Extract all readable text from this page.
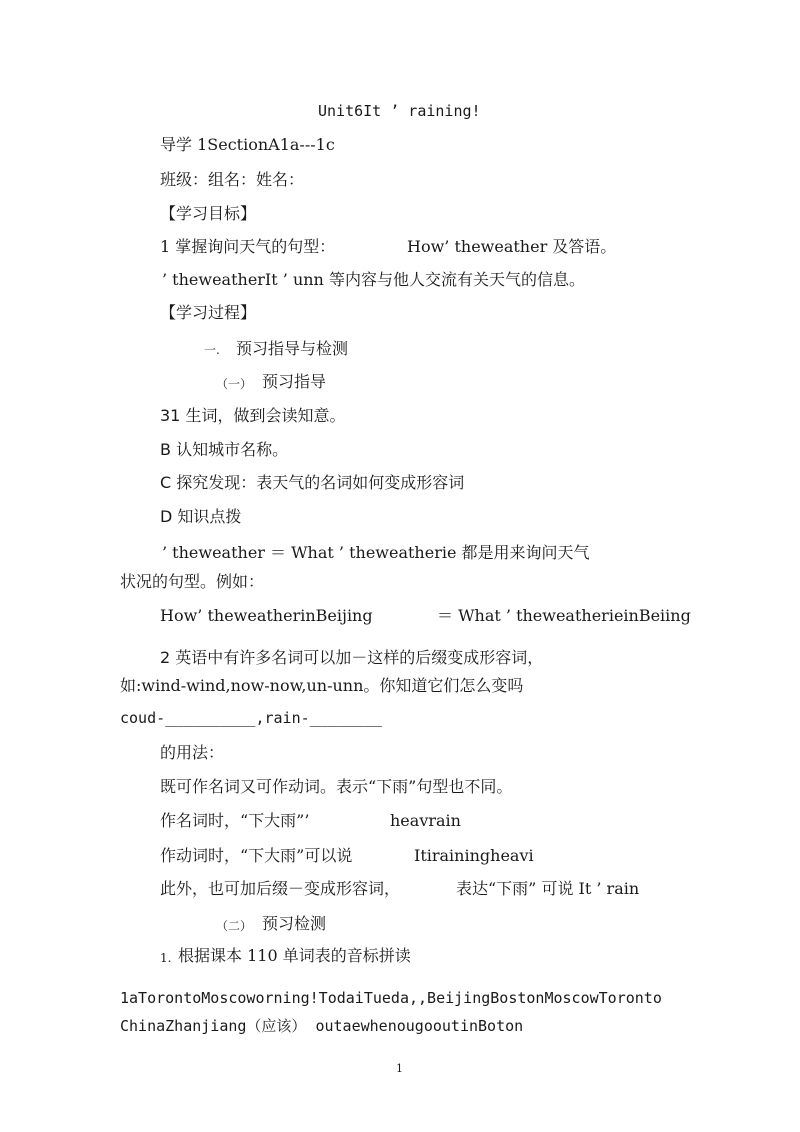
Unit6It ’ raining!
导学 1SectionA1a---1c
班级：组名：姓名：
【学习目标】
1 掌握询问天气的句型：	How’ theweather 及答语。
’ theweatherIt ’ unn 等内容与他人交流有关天气的信息。
【学习过程】
一. 预习指导与检测
（一） 预习指导
31 生词，做到会读知意。
B 认知城市名称。
C 探究发现：表天气的名词如何变成形容词
D 知识点拨
’ theweather ＝ What ’ theweatherie 都是用来询问天气
状况的句型。例如：
How’ theweatherinBeijing	＝ What ’ theweatherieinBeiing
2 英语中有许多名词可以加－这样的后缀变成形容词，
如:wind-wind,now-now,un-unn。你知道它们怎么变吗
coud-__________,rain-________
的用法：
既可作名词又可作动词。表示“下雨”句型也不同。
作名词时，“下大雨”’	heavrain
作动词时，“下大雨”可以说	Itirainingheavi
此外，也可加后缀－变成形容词，	表达“下雨” 可说 It ’ rain
（二） 预习检测
1. 根据课本 110 单词表的音标拼读
1aTorontoMoscoworning!TodaiTueda,,BeijingBostonMoscowToronto
ChinaZhanjiang（应该） outaewhenougooutinBoton
1
